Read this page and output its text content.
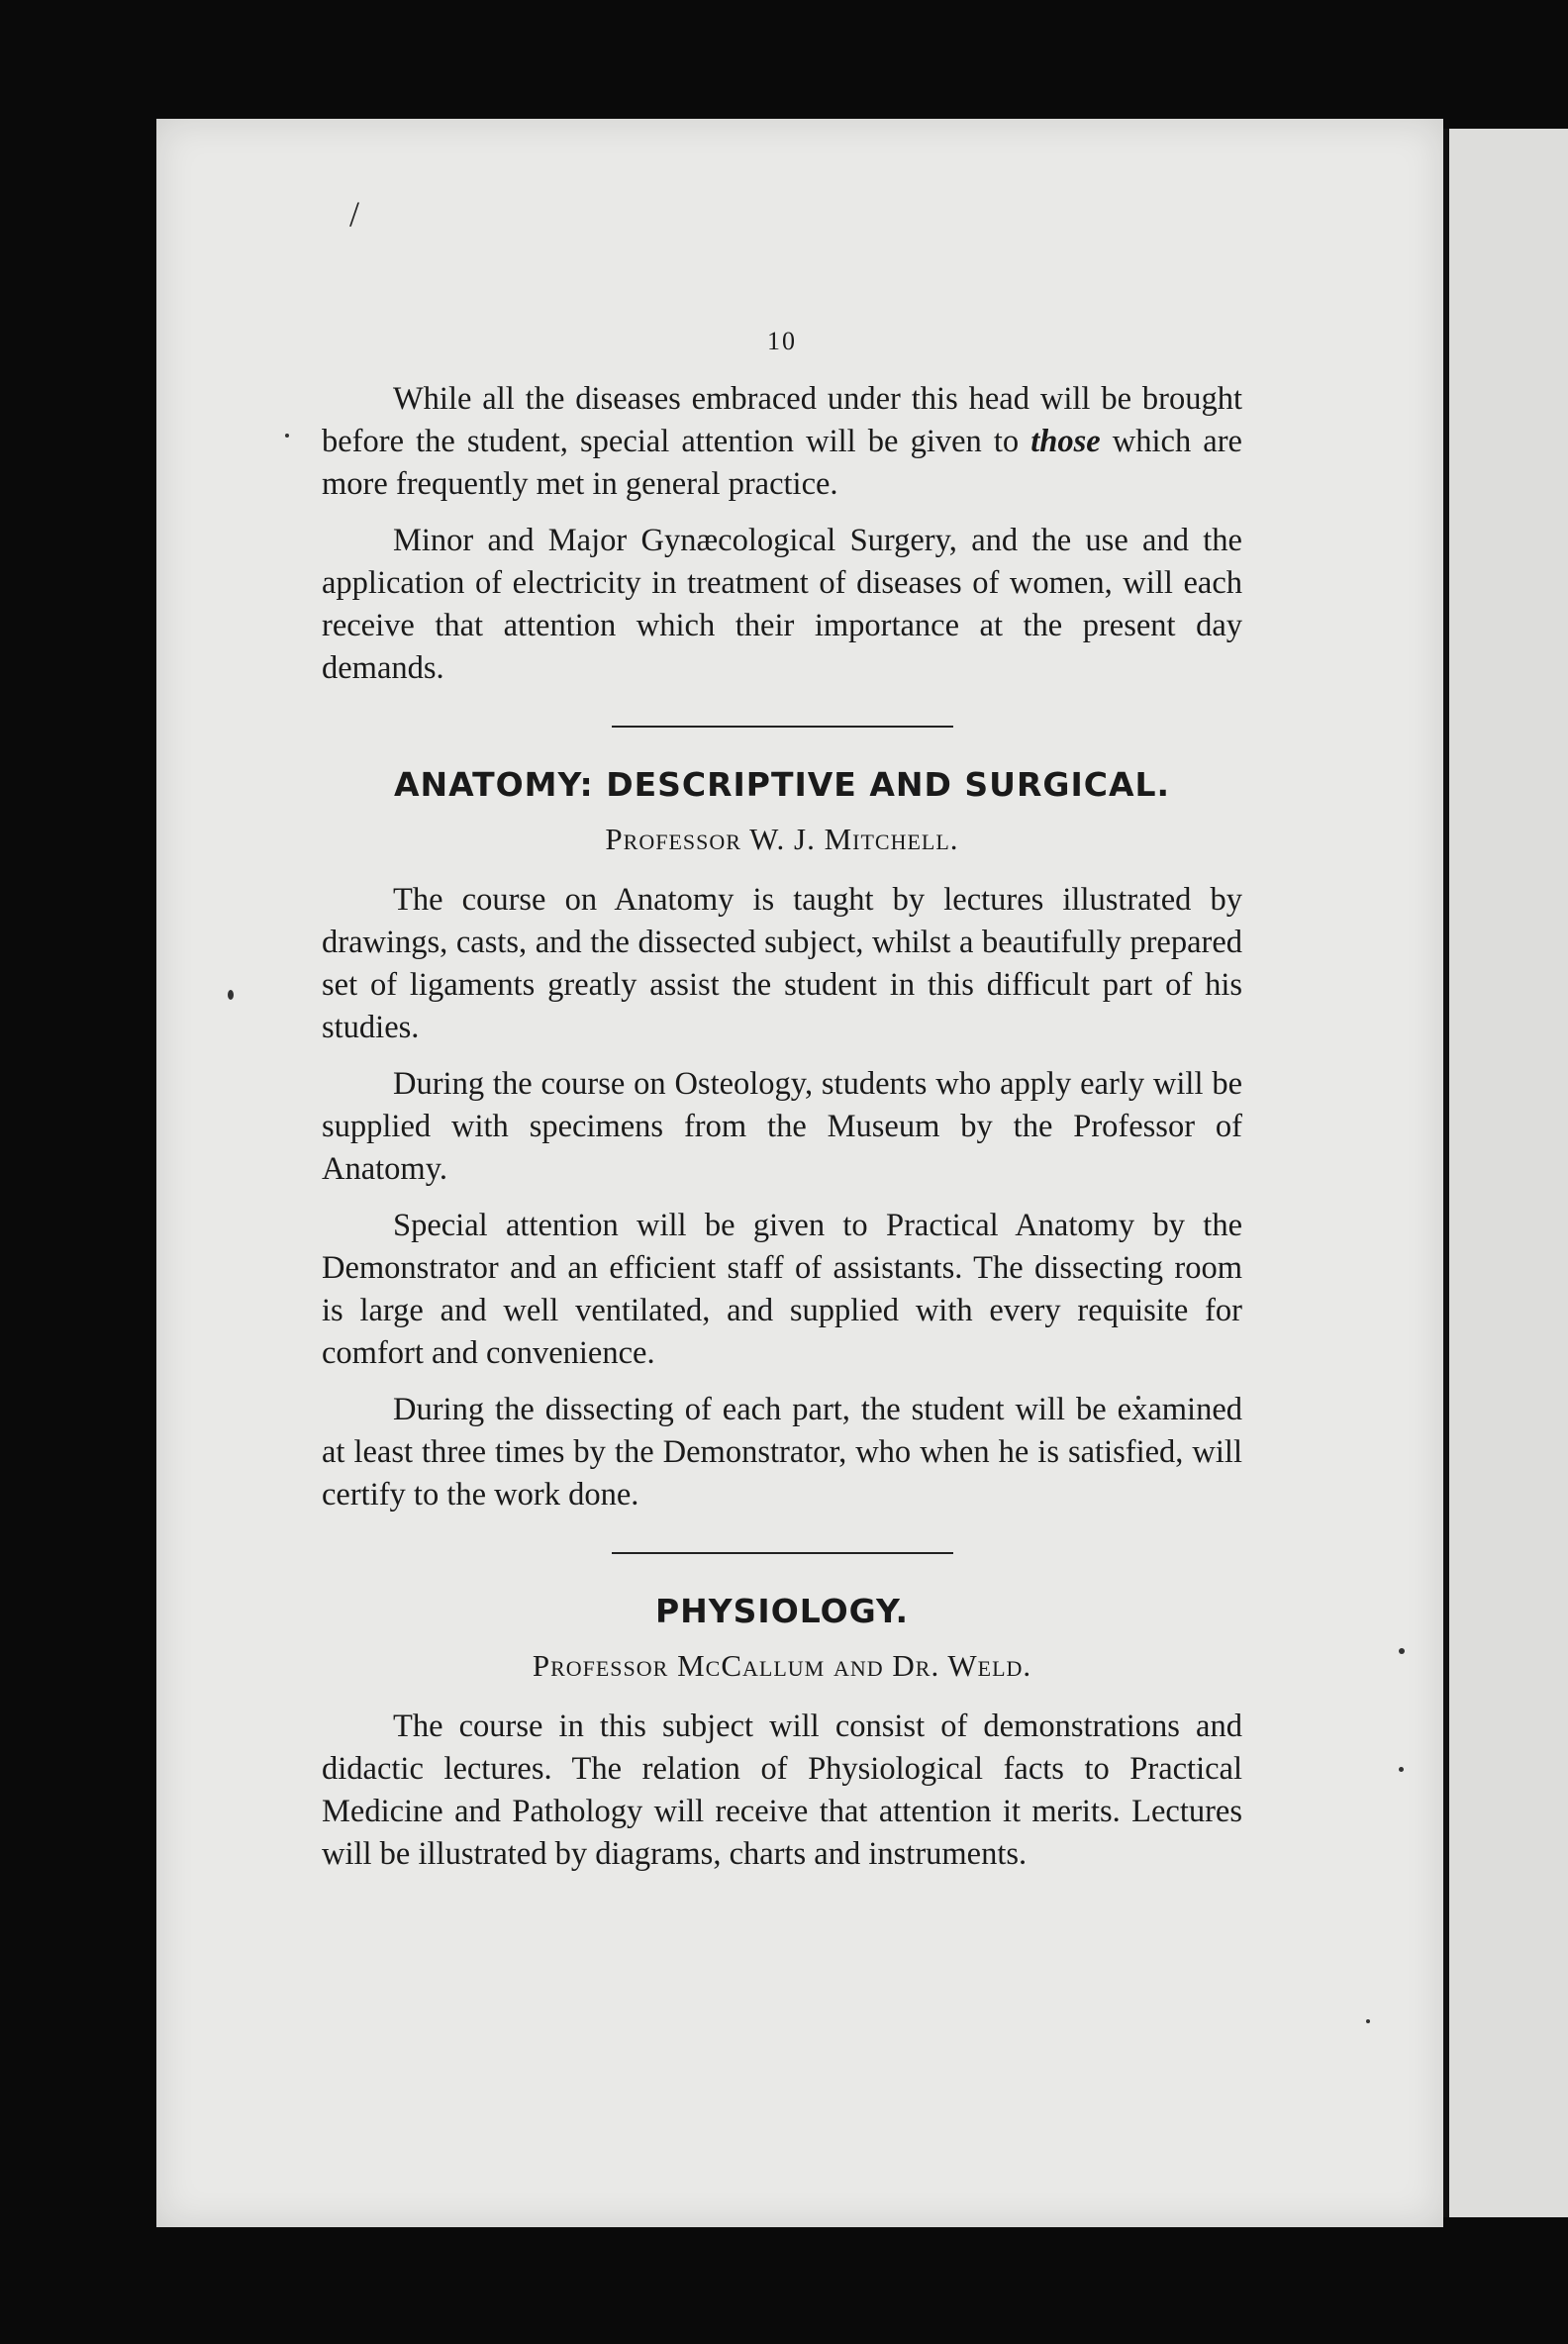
/
10

While all the diseases embraced under this head will be brought before the student, special attention will be given to those which are more frequently met in general practice.

Minor and Major Gynæcological Surgery, and the use and the application of electricity in treatment of diseases of women, will each receive that attention which their importance at the present day demands.

ANATOMY: DESCRIPTIVE AND SURGICAL.
Professor W. J. Mitchell.

The course on Anatomy is taught by lectures illustrated by drawings, casts, and the dissected subject, whilst a beautifully prepared set of ligaments greatly assist the student in this difficult part of his studies.

During the course on Osteology, students who apply early will be supplied with specimens from the Museum by the Professor of Anatomy.

Special attention will be given to Practical Anatomy by the Demonstrator and an efficient staff of assistants. The dissecting room is large and well ventilated, and supplied with every requisite for comfort and convenience.

During the dissecting of each part, the student will be examined at least three times by the Demonstrator, who when he is satisfied, will certify to the work done.

PHYSIOLOGY.
Professor McCallum and Dr. Weld.

The course in this subject will consist of demonstrations and didactic lectures. The relation of Physiological facts to Practical Medicine and Pathology will receive that attention it merits. Lectures will be illustrated by diagrams, charts and instruments.
